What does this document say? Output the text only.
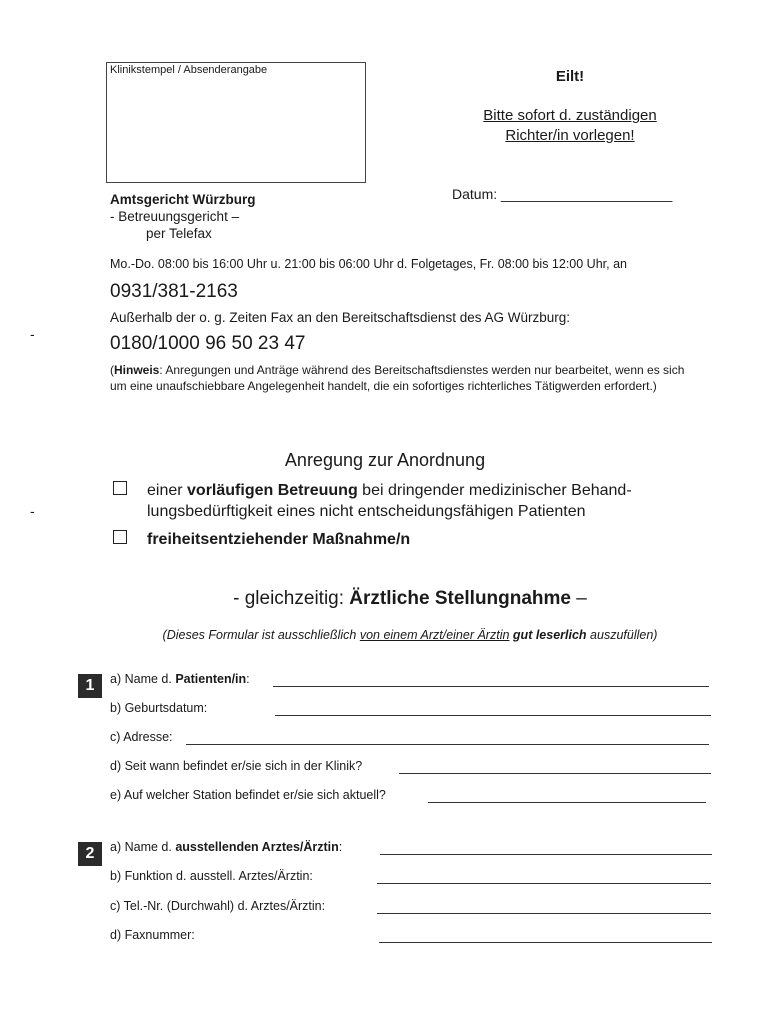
Klinikstempel / Absenderangabe	Eilt!
Bitte sofort d. zuständigen
Richter/in vorlegen!
Datum: ______________________
Amtsgericht Würzburg
- Betreuungsgericht –
per Telefax
Mo.-Do. 08:00 bis 16:00 Uhr u. 21:00 bis 06:00 Uhr d. Folgetages, Fr. 08:00 bis 12:00 Uhr, an
0931/381-2163
Außerhalb der o. g. Zeiten Fax an den Bereitschaftsdienst des AG Würzburg:
0180/1000 96 50 23 47
(Hinweis: Anregungen und Anträge während des Bereitschaftsdienstes werden nur bearbeitet, wenn es sich um eine unaufschiebbare Angelegenheit handelt, die ein sofortiges richterliches Tätigwerden erfordert.)
-
-
Anregung zur Anordnung
einer vorläufigen Betreuung bei dringender medizinischer Behand-
lungsbedürftigkeit eines nicht entscheidungsfähigen Patienten
freiheitsentziehender Maßnahme/n
- gleichzeitig: Ärztliche Stellungnahme –
(Dieses Formular ist ausschließlich von einem Arzt/einer Ärztin gut leserlich auszufüllen)
1	a) Name d. Patienten/in:
b) Geburtsdatum:
c) Adresse:
d) Seit wann befindet er/sie sich in der Klinik?
e) Auf welcher Station befindet er/sie sich aktuell?
2	a) Name d. ausstellenden Arztes/Ärztin:
b) Funktion d. ausstell. Arztes/Ärztin:
c) Tel.-Nr. (Durchwahl) d. Arztes/Ärztin:
d) Faxnummer:
